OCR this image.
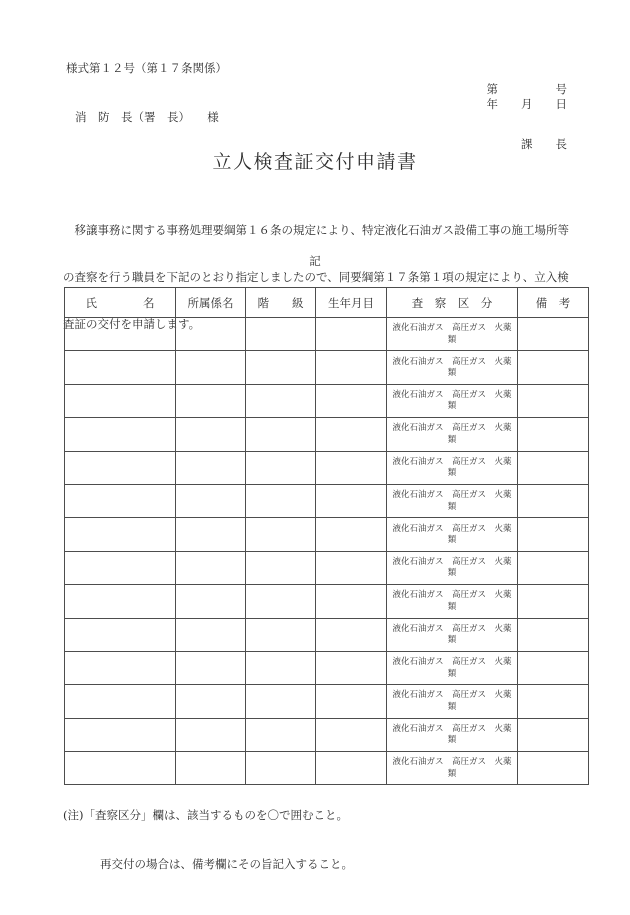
様式第１２号（第１７条関係）
第　　　　　号
年　　月　　日
消　防　長（署　長）　　様
課　　長
立人検査証交付申請書

　移譲事務に関する事務処理要綱第１６条の規定により、特定液化石油ガス設備工事の施工場所等

の査察を行う職員を下記のとおり指定しましたので、同要綱第１７条第１項の規定により、立入検

査証の交付を申請します。

記
氏　　　　名	所属係名	階　　級	生年月目	査　察　区　分	備　考

				液化石油ガス　高圧ガス　火薬
類	

				液化石油ガス　高圧ガス　火薬
類	

				液化石油ガス　高圧ガス　火薬
類	

				液化石油ガス　高圧ガス　火薬
類	

				液化石油ガス　高圧ガス　火薬
類	

				液化石油ガス　高圧ガス　火薬
類	

				液化石油ガス　高圧ガス　火薬
類	

				液化石油ガス　高圧ガス　火薬
類	

				液化石油ガス　高圧ガス　火薬
類	

				液化石油ガス　高圧ガス　火薬
類	

				液化石油ガス　高圧ガス　火薬
類	

				液化石油ガス　高圧ガス　火薬
類	

				液化石油ガス　高圧ガス　火薬
類	

				液化石油ガス　高圧ガス　火薬
類	

(注)「査察区分」欄は、該当するものを〇で囲むこと。

再交付の場合は、備考欄にその旨記入すること。
